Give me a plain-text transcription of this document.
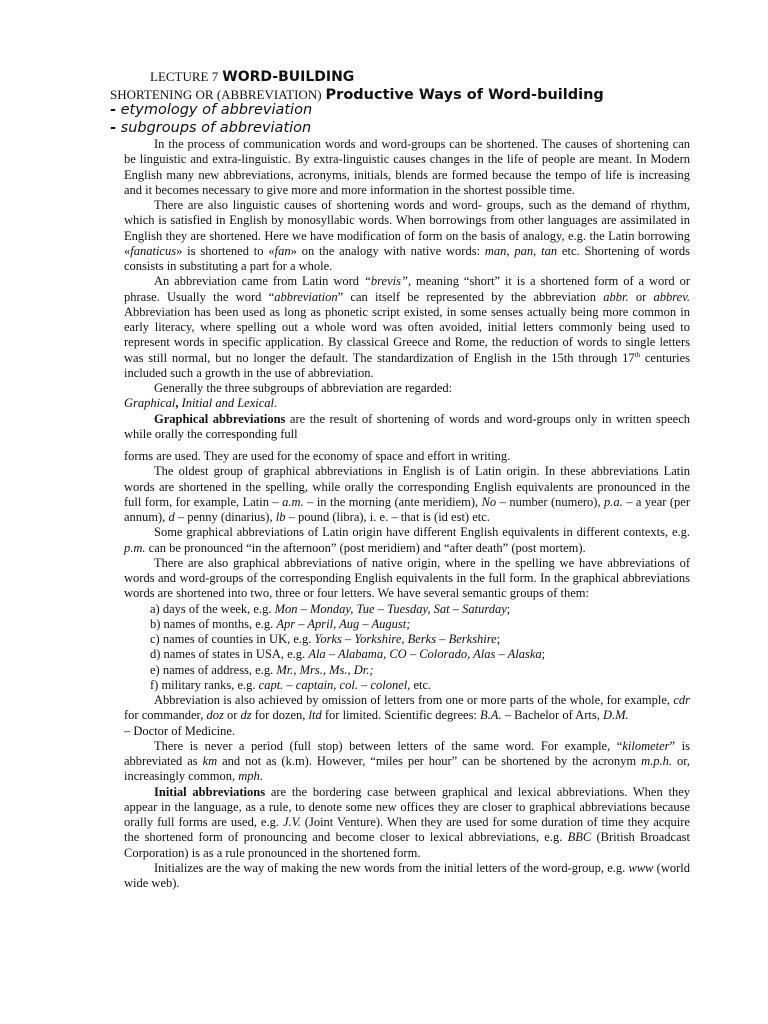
LECTURE 7 WORD-BUILDING
SHORTENING OR (ABBREVIATION) Productive Ways of Word-building
- etymology of abbreviation
- subgroups of abbreviation

In the process of communication words and word-groups can be shortened. The causes of shortening can be linguistic and extra-linguistic. By extra-linguistic causes changes in the life of people are meant. In Modern English many new abbreviations, acronyms, initials, blends are formed because the tempo of life is increasing and it becomes necessary to give more and more information in the shortest possible time.

There are also linguistic causes of shortening words and word- groups, such as the demand of rhythm, which is satisfied in English by monosyllabic words. When borrowings from other languages are assimilated in English they are shortened. Here we have modification of form on the basis of analogy, e.g. the Latin borrowing «fanaticus» is shortened to «fan» on the analogy with native words: man, pan, tan etc. Shortening of words consists in substituting a part for a whole.

An abbreviation came from Latin word “brevis”, meaning “short” it is a shortened form of a word or phrase. Usually the word “abbreviation” can itself be represented by the abbreviation abbr. or abbrev. Abbreviation has been used as long as phonetic script existed, in some senses actually being more common in early literacy, where spelling out a whole word was often avoided, initial letters commonly being used to represent words in specific application. By classical Greece and Rome, the reduction of words to single letters was still normal, but no longer the default. The standardization of English in the 15th through 17th centuries included such a growth in the use of abbreviation.

Generally the three subgroups of abbreviation are regarded:

Graphical, Initial and Lexical.

Graphical abbreviations are the result of shortening of words and word-groups only in written speech while orally the corresponding full

forms are used. They are used for the economy of space and effort in writing.

The oldest group of graphical abbreviations in English is of Latin origin. In these abbreviations Latin words are shortened in the spelling, while orally the corresponding English equivalents are pronounced in the full form, for example, Latin – a.m. – in the morning (ante meridiem), No – number (numero), p.a. – a year (per annum), d – penny (dinarius), lb – pound (libra), i. e. – that is (id est) etc.

Some graphical abbreviations of Latin origin have different English equivalents in different contexts, e.g. p.m. can be pronounced “in the afternoon” (post meridiem) and “after death” (post mortem).

There are also graphical abbreviations of native origin, where in the spelling we have abbreviations of words and word-groups of the corresponding English equivalents in the full form. In the graphical abbreviations words are shortened into two, three or four letters. We have several semantic groups of them:

a) days of the week, e.g. Mon – Monday, Tue – Tuesday, Sat – Saturday;

b) names of months, e.g. Apr – April, Aug – August;

c) names of counties in UK, e.g. Yorks – Yorkshire, Berks – Berkshire;

d) names of states in USA, e.g. Ala – Alabama, CO – Colorado, Alas – Alaska;

e) names of address, e.g. Mr., Mrs., Ms., Dr.;

f) military ranks, e.g. capt. – captain, col. – colonel, etc.

Abbreviation is also achieved by omission of letters from one or more parts of the whole, for example, cdr for commander, doz or dz for dozen, ltd for limited. Scientific degrees: B.A. – Bachelor of Arts, D.M.

– Doctor of Medicine.

There is never a period (full stop) between letters of the same word. For example, “kilometer” is abbreviated as km and not as (k.m). However, “miles per hour” can be shortened by the acronym m.p.h. or, increasingly common, mph.

Initial abbreviations are the bordering case between graphical and lexical abbreviations. When they appear in the language, as a rule, to denote some new offices they are closer to graphical abbreviations because orally full forms are used, e.g. J.V. (Joint Venture). When they are used for some duration of time they acquire the shortened form of pronouncing and become closer to lexical abbreviations, e.g. BBC (British Broadcast Corporation) is as a rule pronounced in the shortened form.

Initializes are the way of making the new words from the initial letters of the word-group, e.g. www (world wide web).
